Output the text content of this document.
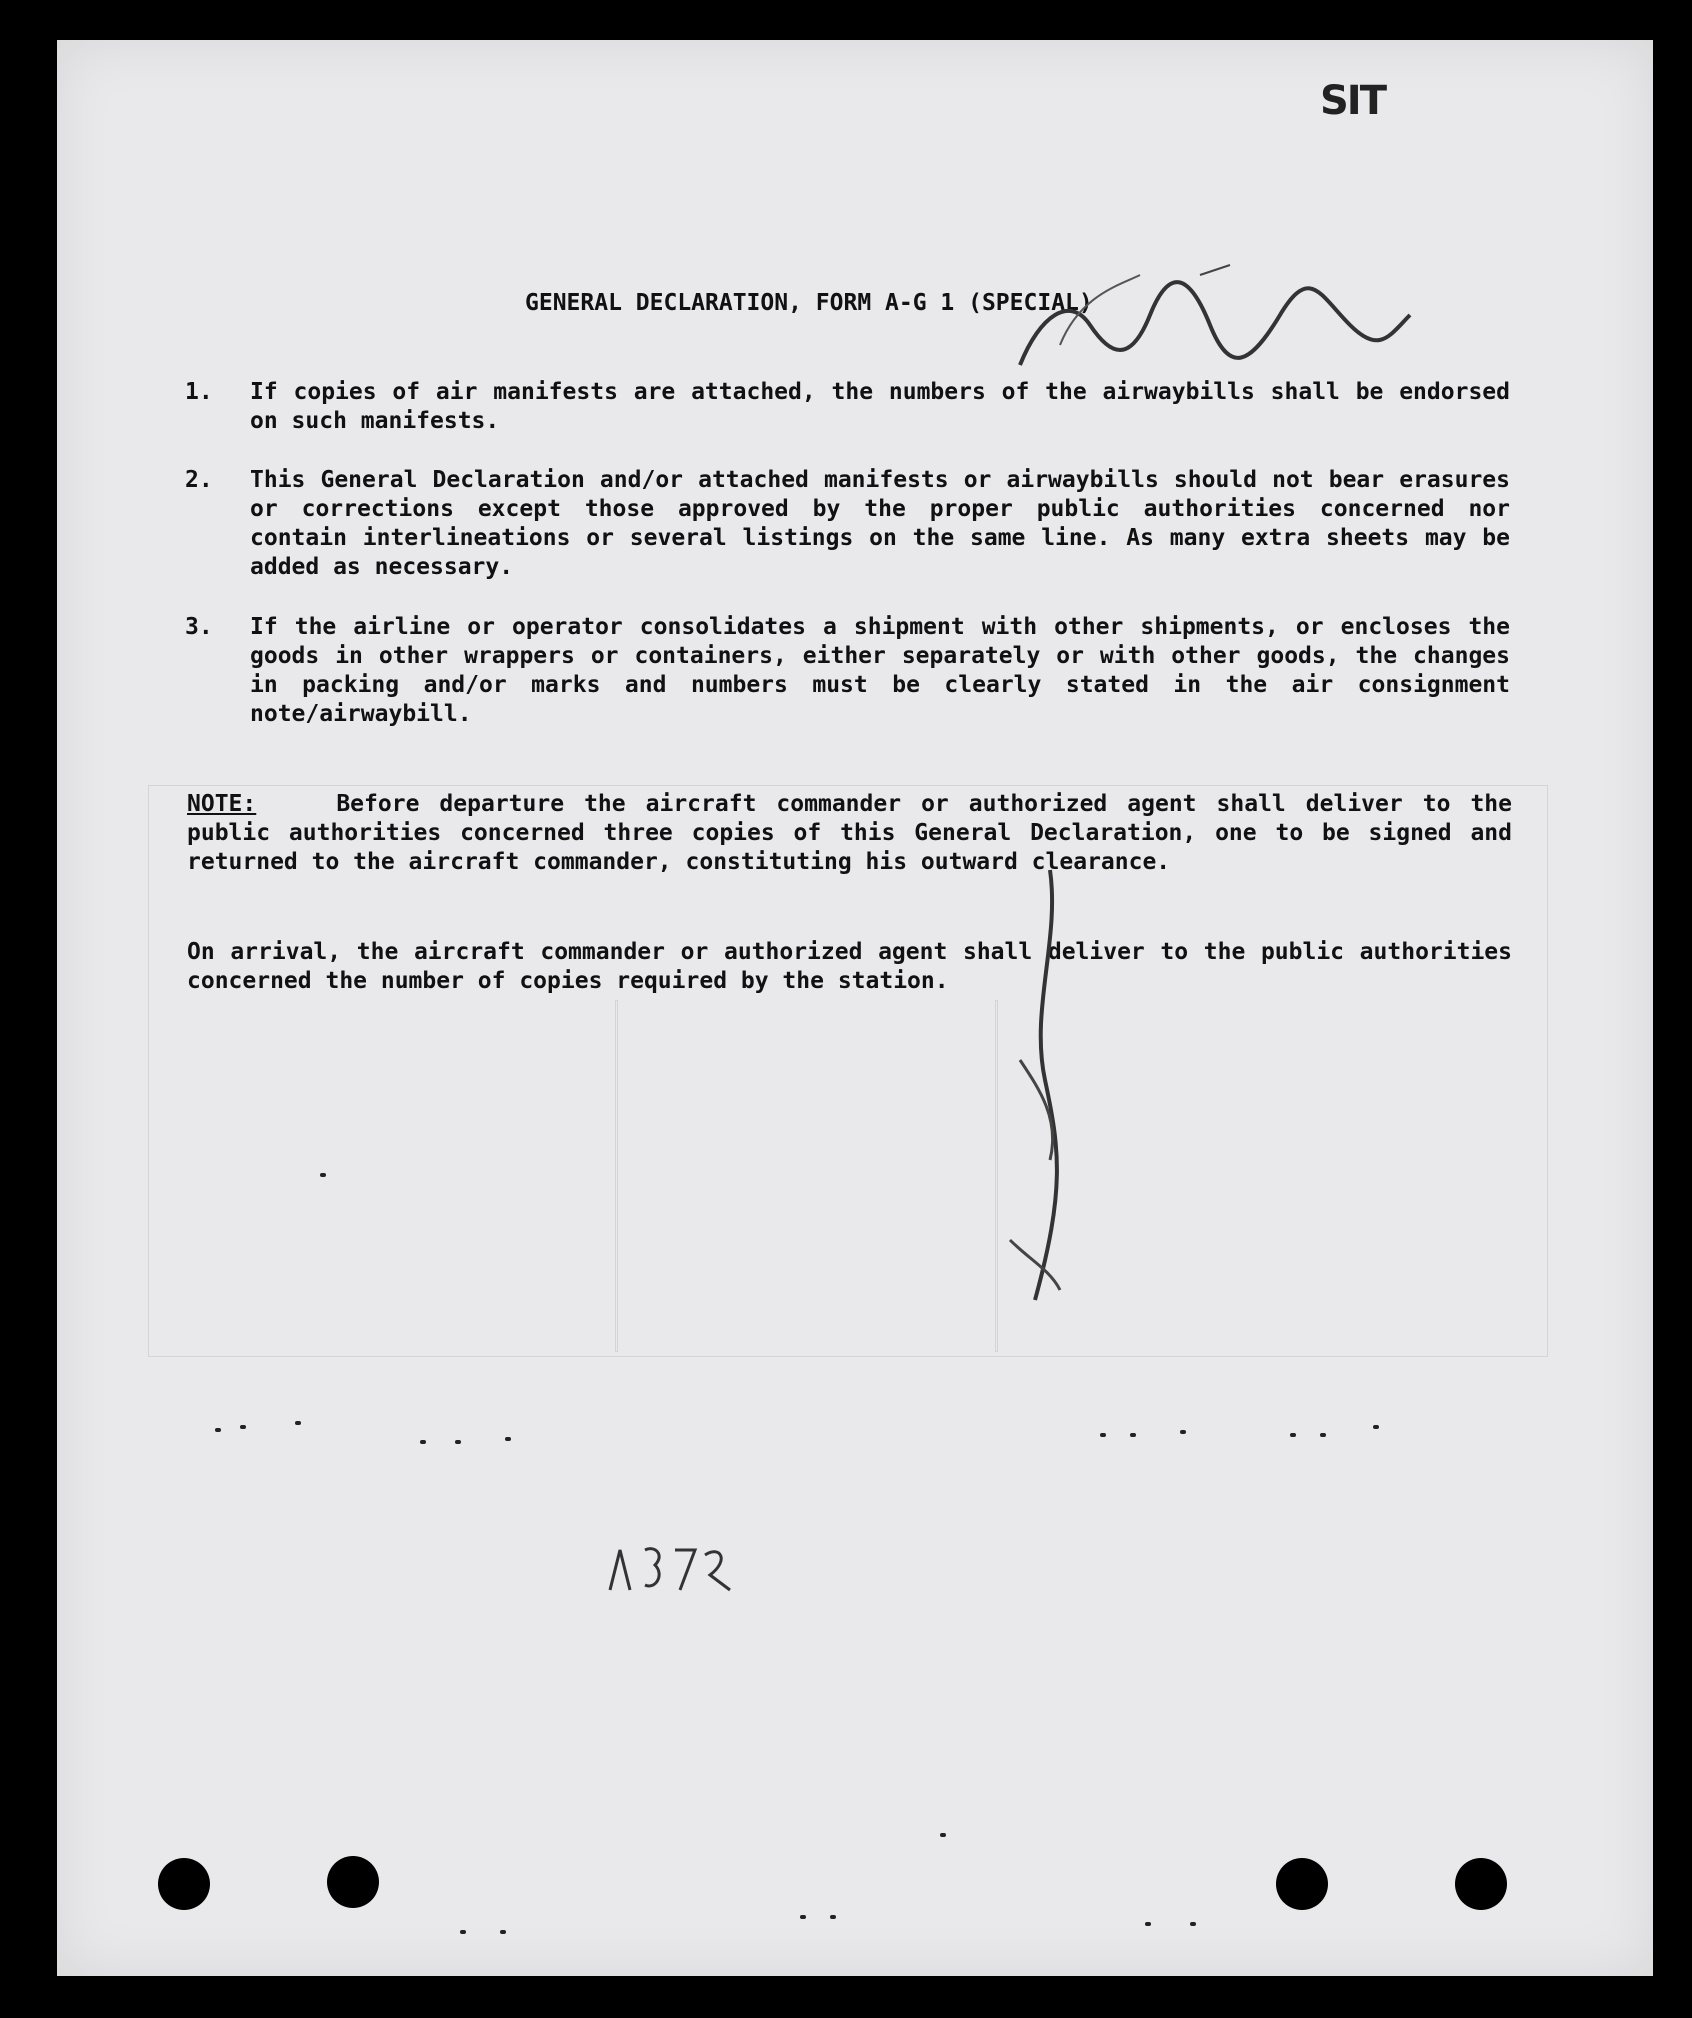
SIT
GENERAL DECLARATION, FORM A-G 1 (SPECIAL)
1. If copies of air manifests are attached, the numbers of the airwaybills shall be endorsed on such manifests.
2. This General Declaration and/or attached manifests or airwaybills should not bear erasures or corrections except those approved by the proper public authorities concerned nor contain interlineations or several listings on the same line. As many extra sheets may be added as necessary.
3. If the airline or operator consolidates a shipment with other shipments, or encloses the goods in other wrappers or containers, either separately or with other goods, the changes in packing and/or marks and numbers must be clearly stated in the air consignment note/airwaybill.
NOTE:	Before departure the aircraft commander or authorized agent shall deliver to the public authorities concerned three copies of this General Declaration, one to be signed and returned to the aircraft commander, constituting his outward clearance.
On arrival, the aircraft commander or authorized agent shall deliver to the public authorities concerned the number of copies required by the station.
